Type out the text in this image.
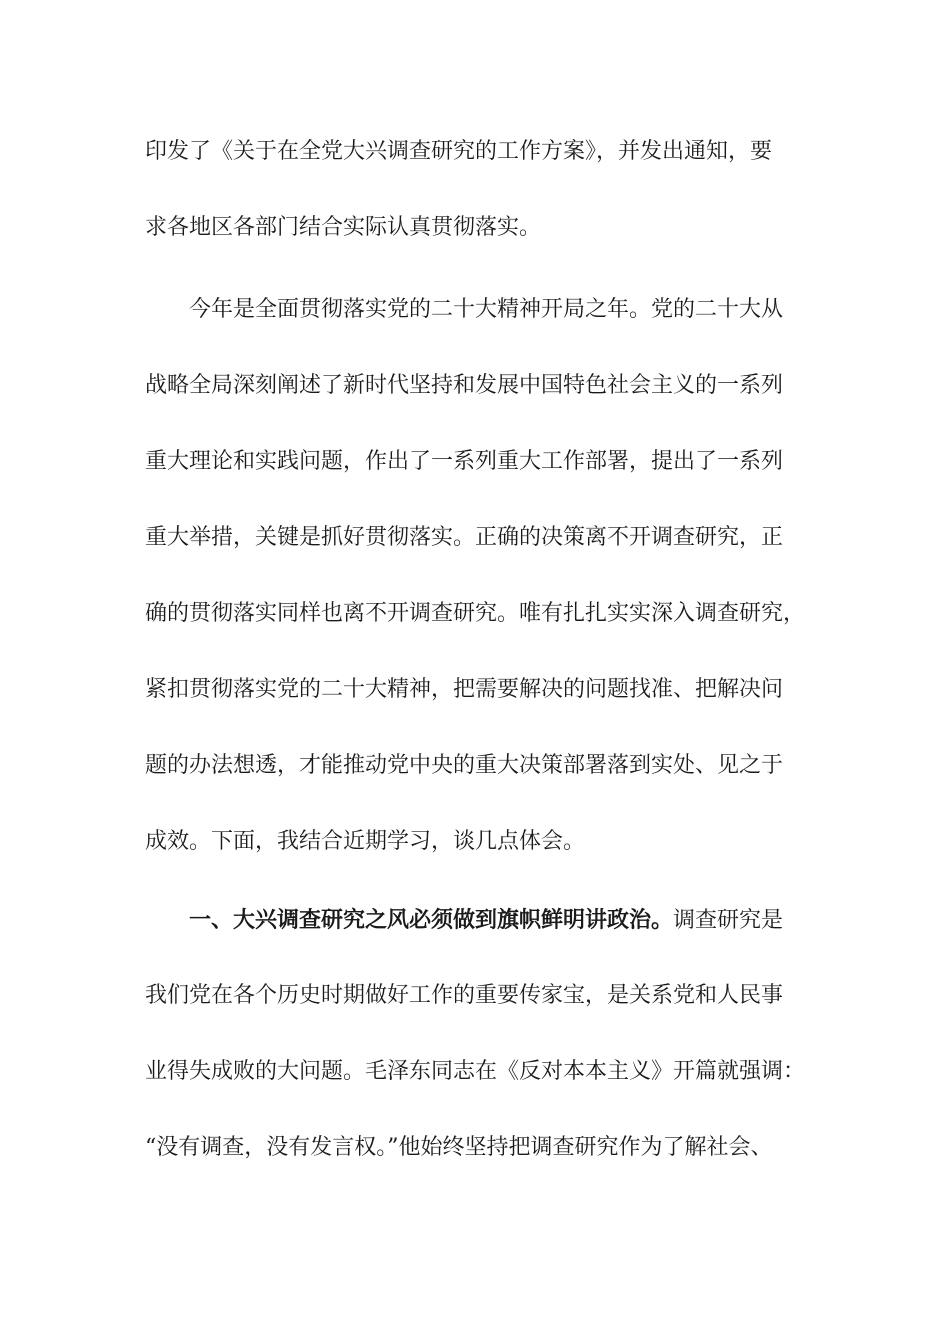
印发了《关于在全党大兴调查研究的工作方案》，并发出通知，要
求各地区各部门结合实际认真贯彻落实。
今年是全面贯彻落实党的二十大精神开局之年。党的二十大从
战略全局深刻阐述了新时代坚持和发展中国特色社会主义的一系列
重大理论和实践问题，作出了一系列重大工作部署，提出了一系列
重大举措，关键是抓好贯彻落实。正确的决策离不开调查研究，正
确的贯彻落实同样也离不开调查研究。唯有扎扎实实深入调查研究，
紧扣贯彻落实党的二十大精神，把需要解决的问题找准、把解决问
题的办法想透，才能推动党中央的重大决策部署落到实处、见之于
成效。下面，我结合近期学习，谈几点体会。
一、大兴调查研究之风必须做到旗帜鲜明讲政治。调查研究是
我们党在各个历史时期做好工作的重要传家宝，是关系党和人民事
业得失成败的大问题。毛泽东同志在《反对本本主义》开篇就强调：
“没有调查，没有发言权。”他始终坚持把调查研究作为了解社会、
